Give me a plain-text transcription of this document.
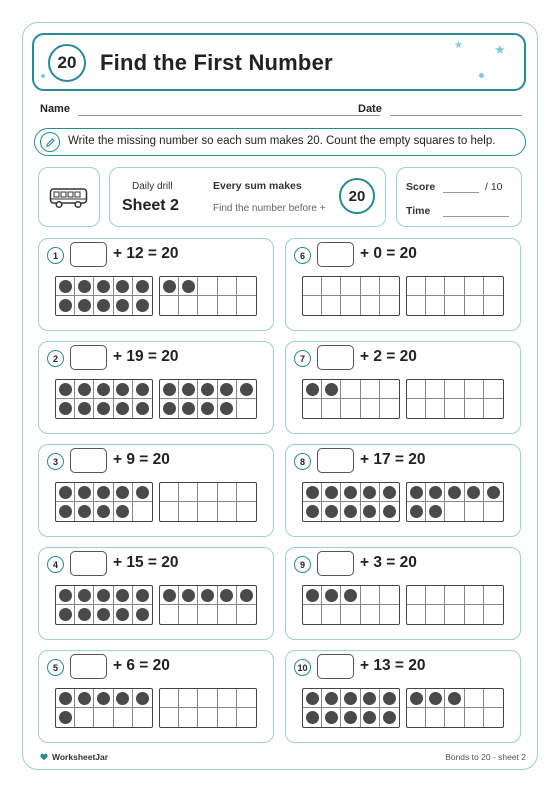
20	Find the First Number
★ ★
Name	Date
Write the missing number so each sum makes 20. Count the empty squares to help.
Daily drill
Sheet 2
Every sum makes
Find the number before +
20
Score	/ 10
Time
1	+ 12 = 20
2	+ 19 = 20
3	+ 9 = 20
4	+ 15 = 20
5	+ 6 = 20
6	+ 0 = 20
7	+ 2 = 20
8	+ 17 = 20
9	+ 3 = 20
10	+ 13 = 20
WorksheetJar	Bonds to 20 - sheet 2
